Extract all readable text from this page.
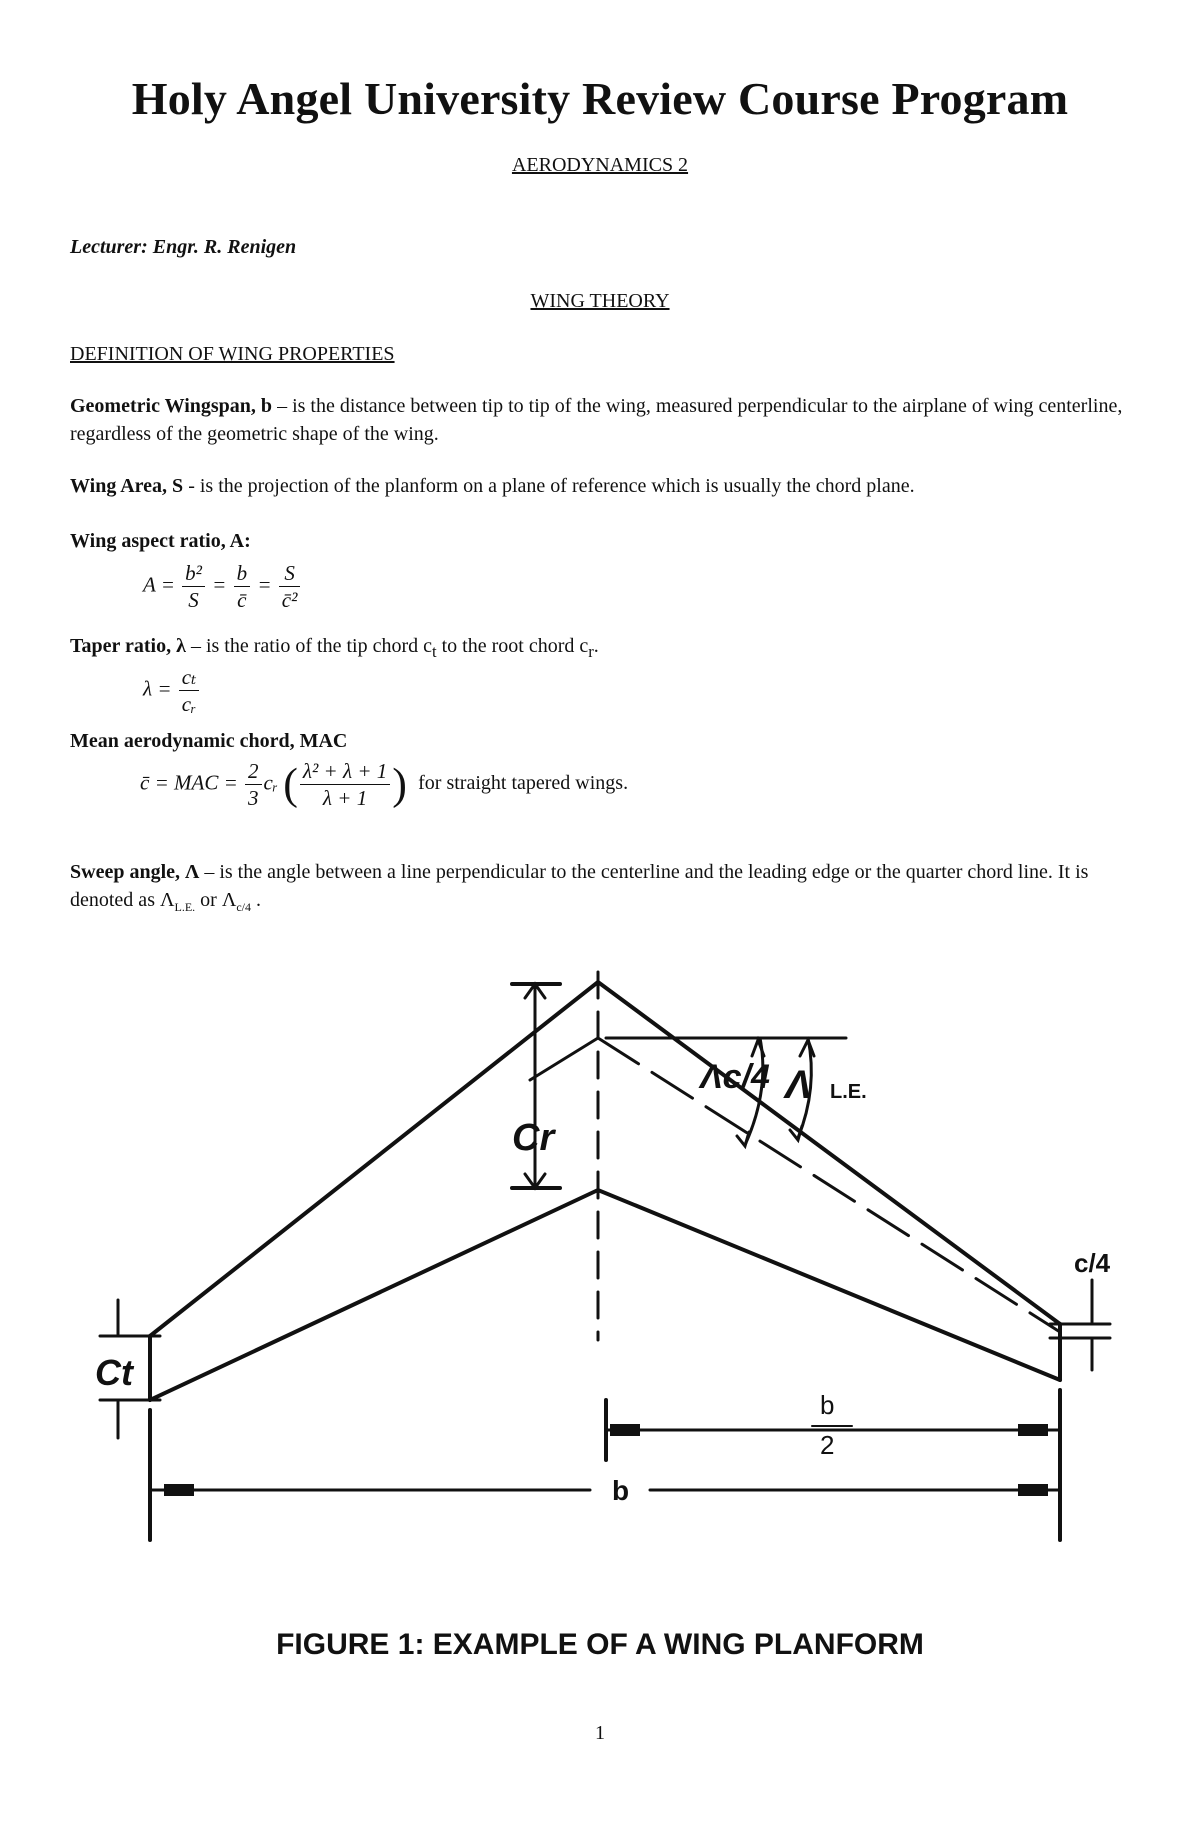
Holy Angel University Review Course Program
AERODYNAMICS 2
Lecturer: Engr. R. Renigen
WING THEORY
DEFINITION OF WING PROPERTIES

Geometric Wingspan, b – is the distance between tip to tip of the wing, measured perpendicular to the airplane of wing centerline, regardless of the geometric shape of the wing.

Wing Area, S - is the projection of the planform on a plane of reference which is usually the chord plane.

Wing aspect ratio, A:

$A = \frac{\text{b²}}{S} = \frac{b}{c̄} = \frac{S}{\text{c̄²}}$

Taper ratio, λ – is the ratio of the tip chord $c_t$ to the root chord $c_r$.

$\lambda = \frac{\text{cₜ}}{\text{cᵣ}}$

Mean aerodynamic chord, MAC

c̄ = MAC = $\frac{2}{3}$ cᵣ ( $\frac{\text{λ² + λ + 1}}{\lambda + 1}$ ) for straight tapered wings.

Sweep angle, Λ – is the angle between a line perpendicular to the centerline and the leading edge or the quarter chord line. It is denoted as $\Lambda_{L.E.}$ or $\Lambda_{c/4}$ .

Cr
Ct
c/4
Λc/4 Λ L.E.
b
2
b
FIGURE 1: EXAMPLE OF A WING PLANFORM
1
